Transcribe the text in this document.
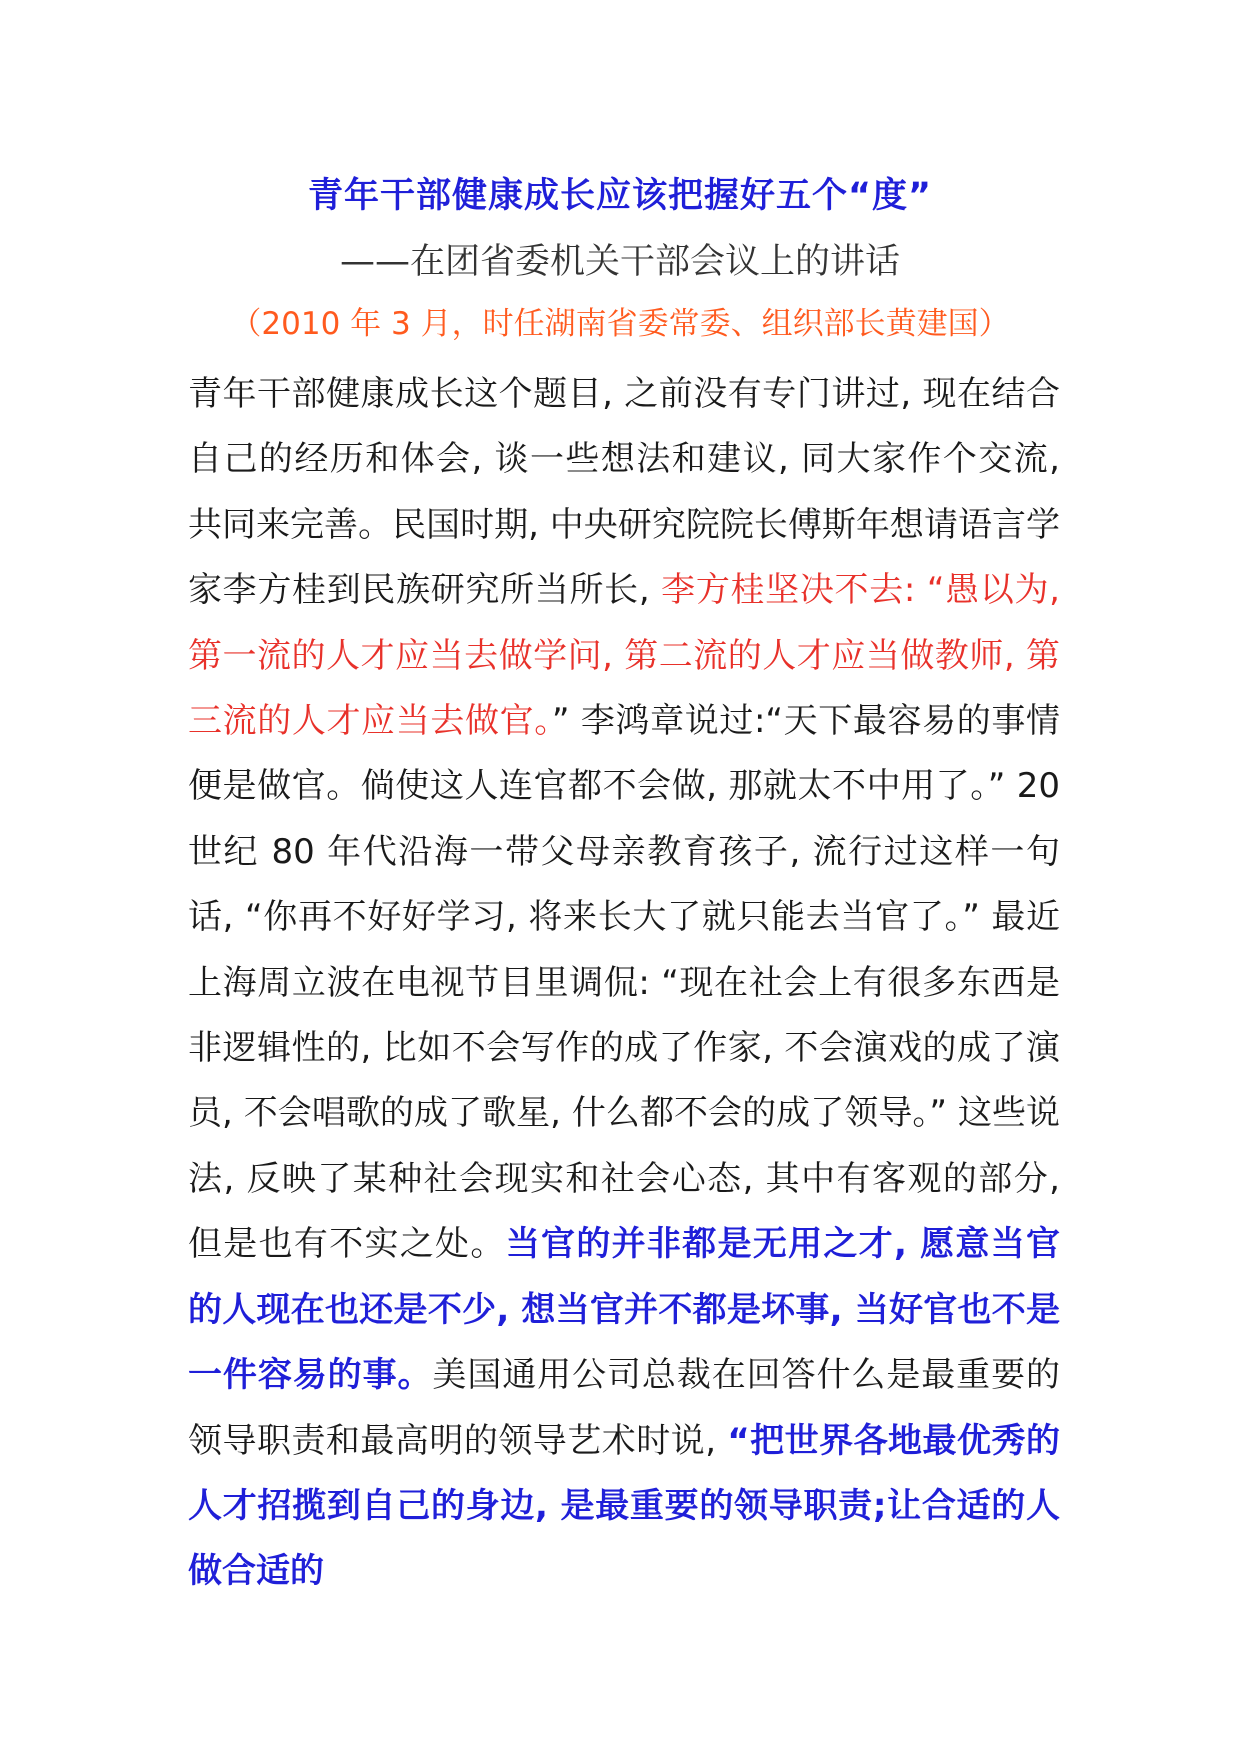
青年干部健康成长应该把握好五个“度”
——在团省委机关干部会议上的讲话
（2010 年 3 月，时任湖南省委常委、组织部长黄建国）
青年干部健康成长这个题目, 之前没有专门讲过, 现在结合自己的经历和体会, 谈一些想法和建议, 同大家作个交流, 共同来完善。民国时期, 中央研究院院长傅斯年想请语言学家李方桂到民族研究所当所长, 李方桂坚决不去: “愚以为, 第一流的人才应当去做学问, 第二流的人才应当做教师, 第三流的人才应当去做官。” 李鸿章说过:“天下最容易的事情便是做官。倘使这人连官都不会做, 那就太不中用了。” 20 世纪 80 年代沿海一带父母亲教育孩子, 流行过这样一句话, “你再不好好学习, 将来长大了就只能去当官了。” 最近上海周立波在电视节目里调侃: “现在社会上有很多东西是非逻辑性的, 比如不会写作的成了作家, 不会演戏的成了演员, 不会唱歌的成了歌星, 什么都不会的成了领导。” 这些说法, 反映了某种社会现实和社会心态, 其中有客观的部分, 但是也有不实之处。当官的并非都是无用之才, 愿意当官的人现在也还是不少, 想当官并不都是坏事, 当好官也不是一件容易的事。美国通用公司总裁在回答什么是最重要的领导职责和最高明的领导艺术时说, “把世界各地最优秀的人才招揽到自己的身边, 是最重要的领导职责;让合适的人做合适的
